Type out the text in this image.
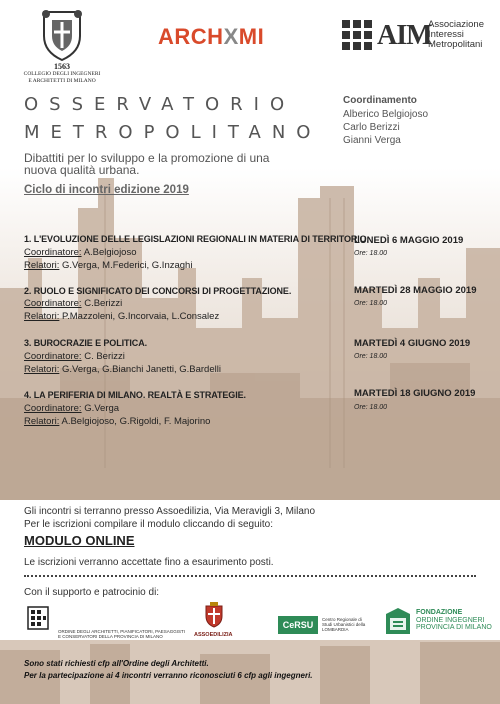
1563
COLLEGIO DEGLI INGEGNERI
E ARCHITETTI DI MILANO
ARCHXMI	AIM
Associazione
Interessi
Metropolitani
OSSERVATORIO
METROPOLITANO
Dibattiti per lo sviluppo e la promozione di una nuova qualità urbana.
Ciclo di incontri edizione 2019
Coordinamento
Alberico Belgiojoso
Carlo Berizzi
Gianni Verga
1. L'EVOLUZIONE DELLE LEGISLAZIONI REGIONALI IN MATERIA DI TERRITORIO.
Coordinatore: A.Belgiojoso
Relatori: G.Verga, M.Federici, G.Inzaghi
LUNEDÌ 6 MAGGIO 2019
Ore: 18.00
2. RUOLO E SIGNIFICATO DEI CONCORSI DI PROGETTAZIONE.
Coordinatore: C.Berizzi
Relatori: P.Mazzoleni, G.Incorvaia, L.Consalez
MARTEDÌ 28 MAGGIO 2019
Ore: 18.00
3. BUROCRAZIE E POLITICA.
Coordinatore: C. Berizzi
Relatori: G.Verga, G.Bianchi Janetti, G.Bardelli
MARTEDÌ 4 GIUGNO 2019
Ore: 18.00
4. LA PERIFERIA DI MILANO. REALTÀ E STRATEGIE.
Coordinatore: G.Verga
Relatori: A.Belgiojoso, G.Rigoldi, F. Majorino
MARTEDÌ 18 GIUGNO 2019
Ore: 18.00
Gli incontri si terranno presso Assoedilizia, Via Meravigli 3, Milano
Per le iscrizioni compilare il modulo cliccando di seguito:
MODULO ONLINE
Le iscrizioni verranno accettate fino a esaurimento posti.
Con il supporto e patrocinio di:
ORDINE DEGLI ARCHITETTI, PIANIFICATORI, PAESAGGISTI E CONSERVATORI DELLA PROVINCIA DI MILANO	ASSOEDILIZIA
CeRSU
Centro Regionale di Studi Urbanistici della LOMBARDIA
FONDAZIONE
ORDINE INGEGNERI
PROVINCIA DI MILANO
Sono stati richiesti cfp all'Ordine degli Architetti.
Per la partecipazione ai 4 incontri verranno riconosciuti 6 cfp agli ingegneri.
